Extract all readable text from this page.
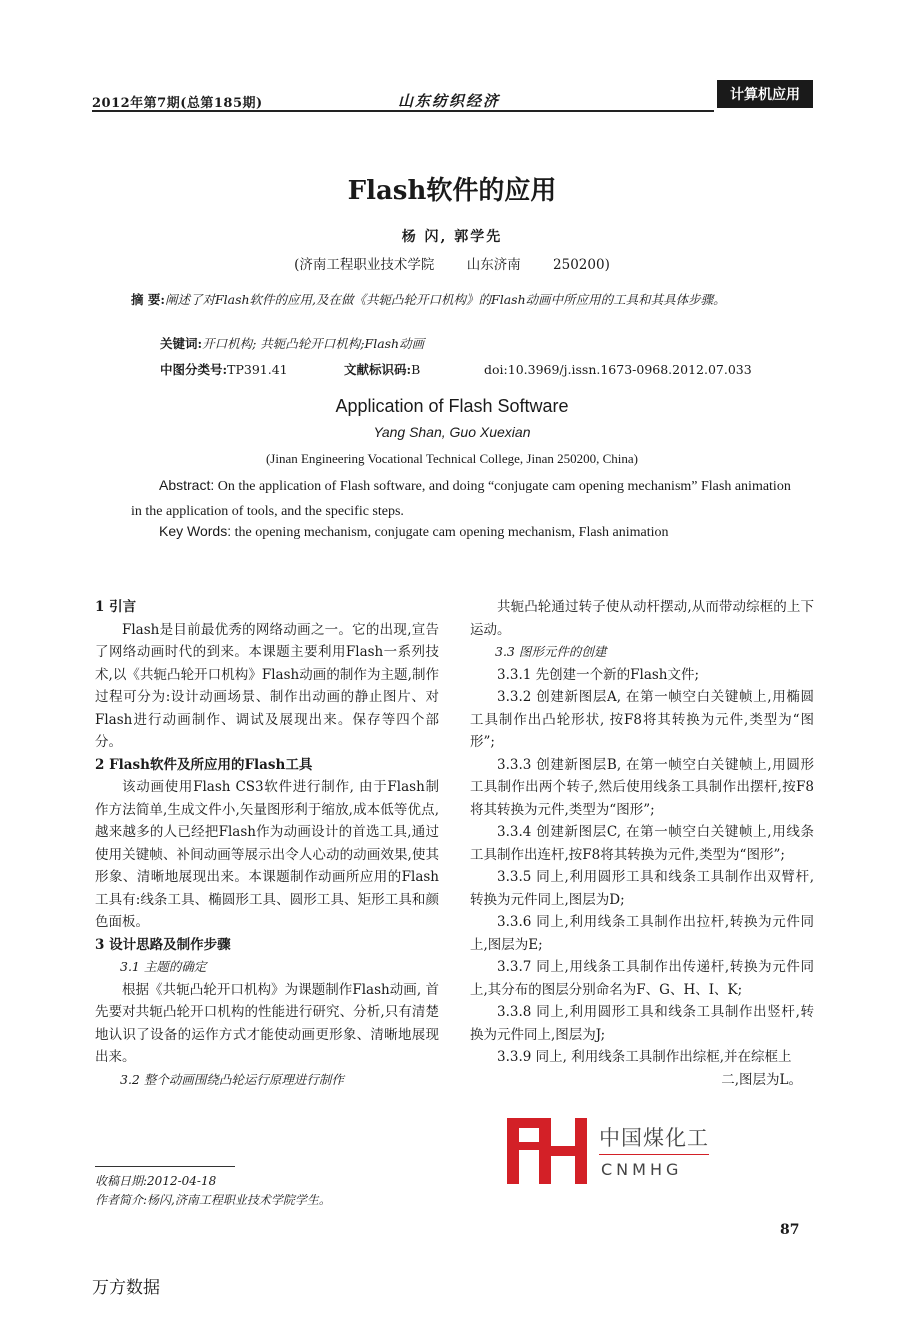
2012年第7期(总第185期)	山东纺织经济	计算机应用
Flash软件的应用
杨 闪, 郭学先
(济南工程职业技术学院 山东济南 250200)
摘 要:阐述了对Flash软件的应用,及在做《共轭凸轮开口机构》的Flash动画中所应用的工具和其具体步骤。
关键词:开口机构; 共轭凸轮开口机构;Flash动画
中图分类号:TP391.41	文献标识码:B	doi:10.3969/j.issn.1673-0968.2012.07.033
Application of Flash Software
Yang Shan, Guo Xuexian
(Jinan Engineering Vocational Technical College, Jinan 250200, China)
Abstract: On the application of Flash software, and doing “conjugate cam opening mechanism” Flash animation in the application of tools, and the specific steps.
Key Words: the opening mechanism, conjugate cam opening mechanism, Flash animation

1 引言

Flash是目前最优秀的网络动画之一。它的出现,宣告了网络动画时代的到来。本课题主要利用Flash一系列技术,以《共轭凸轮开口机构》Flash动画的制作为主题,制作过程可分为:设计动画场景、制作出动画的静止图片、对Flash进行动画制作、调试及展现出来。保存等四个部分。

2 Flash软件及所应用的Flash工具

该动画使用Flash CS3软件进行制作, 由于Flash制作方法简单,生成文件小,矢量图形利于缩放,成本低等优点,越来越多的人已经把Flash作为动画设计的首选工具,通过使用关键帧、补间动画等展示出令人心动的动画效果,使其形象、清晰地展现出来。本课题制作动画所应用的Flash工具有:线条工具、椭圆形工具、圆形工具、矩形工具和颜色面板。

3 设计思路及制作步骤

3.1 主题的确定

根据《共轭凸轮开口机构》为课题制作Flash动画, 首先要对共轭凸轮开口机构的性能进行研究、分析,只有清楚地认识了设备的运作方式才能使动画更形象、清晰地展现出来。

3.2 整个动画围绕凸轮运行原理进行制作

共轭凸轮通过转子使从动杆摆动,从而带动综框的上下运动。

3.3 图形元件的创建

3.3.1 先创建一个新的Flash文件;

3.3.2 创建新图层A, 在第一帧空白关键帧上,用椭圆工具制作出凸轮形状, 按F8将其转换为元件,类型为“图形”;

3.3.3 创建新图层B, 在第一帧空白关键帧上,用圆形工具制作出两个转子,然后使用线条工具制作出摆杆,按F8将其转换为元件,类型为“图形”;

3.3.4 创建新图层C, 在第一帧空白关键帧上,用线条工具制作出连杆,按F8将其转换为元件,类型为“图形”;

3.3.5 同上,利用圆形工具和线条工具制作出双臂杆,转换为元件同上,图层为D;

3.3.6 同上,利用线条工具制作出拉杆,转换为元件同上,图层为E;

3.3.7 同上,用线条工具制作出传递杆,转换为元件同上,其分布的图层分别命名为F、G、H、I、K;

3.3.8 同上,利用圆形工具和线条工具制作出竖杆,转换为元件同上,图层为J;

3.3.9 同上, 利用线条工具制作出综框,并在综框上

二,图层为L。

收稿日期:2012-04-18
作者简介:杨闪,济南工程职业技术学院学生。
87
万方数据
中国煤化工
CNMHG
